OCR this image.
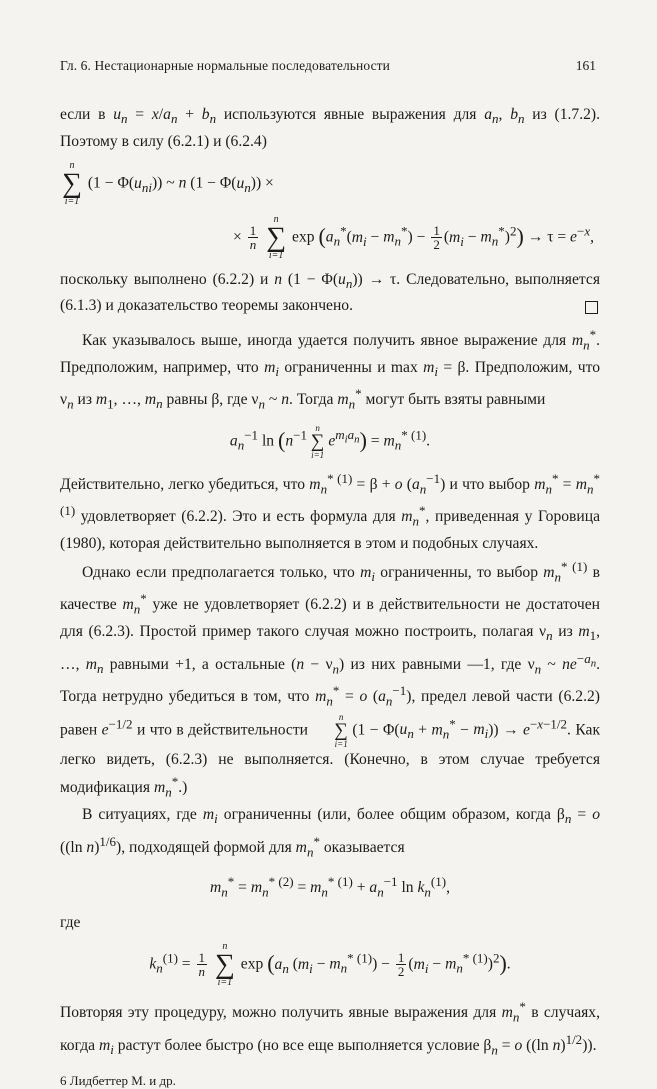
Гл. 6. Нестационарные нормальные последовательности	161

если в $u_n = x/a_n + b_n$ используются явные выражения для $a_n$, $b_n$ из (1.7.2). Поэтому в силу (6.2.1) и (6.2.4)

n
∑
i=1
$(1 - \Phi(u_{ni}))$ ~ n $(1 - \Phi(u_n))$ ×
× $\frac{1}{n}$

n
∑
i=1
$\exp (a_n^*(m_i - m_n^*) - \frac{1}{2} (m_i - m_n^*)^2) \to \tau = e^{-x}$,

поскольку выполнено (6.2.2) и n $(1 - \Phi(u_n)) \to \tau$. Следовательно, выполняется (6.1.3) и доказательство теоремы закончено.

Как указывалось выше, иногда удается получить явное выражение для $m_n^*$. Предположим, например, что $m_i$ ограниченны и $\max m_i = \beta$. Предположим, что $\nu_n$ из $m_1$, …, $m_n$ равны β, где $\nu_n$ ~ n. Тогда $m_n^*$ могут быть взяты равными

$a_n^{-1}$ $\ln (n^{-1}$ n
∑
i=1
$e^{m_ia_n}) = m_n^{* (1)}$.

Действительно, легко убедиться, что $m_n^{* (1)} = \beta + o$ $(a_n^{-1})$ и что выбор $m_n^* = m_n^{* (1)}$ удовлетворяет (6.2.2). Это и есть формула для $m_n^*$, приведенная у Горовица (1980), которая действительно выполняется в этом и подобных случаях.

Однако если предполагается только, что $m_i$ ограниченны, то выбор $m_n^{* (1)}$ в качестве $m_n^*$ уже не удовлетворяет (6.2.2) и в действительности не достаточен для (6.2.3). Простой пример такого случая можно построить, полагая $\nu_n$ из $m_1$, …, $m_n$ равными +1, а остальные $(n - \nu_n)$ из них равными —1, где $\nu_n$ ~ $ne^{-a_n}$. Тогда нетрудно убедиться в том, что $m_n^* = o$ $(a_n^{-1})$, предел левой части (6.2.2) равен $e^{-1/2}$ и что в действительности
n
∑
i=1
$(1 - \Phi(u_n + m_n^* - m_i)) \to e^{-x-1/2}$. Как легко видеть, (6.2.3) не выполняется. (Конечно, в этом случае требуется модификация $m_n^*$.)

В ситуациях, где $m_i$ ограниченны (или, более общим образом, когда $\beta_n = o$ ((ln n)$^{1/6}$), подходящей формой для $m_n^*$ оказывается

$m_n^* = m_n^{* (2)} = m_n^{* (1)} + a_n^{-1}$ $\ln k_n^{(1)}$,

где

$k_n^{(1)} = \frac{1}{n}$

n
∑
i=1
$\exp (a_n$ $(m_i - m_n^{* (1)}) - \frac{1}{2} (m_i - m_n^{* (1)})^2$).

Повторяя эту процедуру, можно получить явные выражения для $m_n^*$ в случаях, когда $m_i$ растут более быстро (но все еще выполняется условие $\beta_n = o$ ((ln n)$^{1/2}$)).

6 Лидбеттер М. и др.
